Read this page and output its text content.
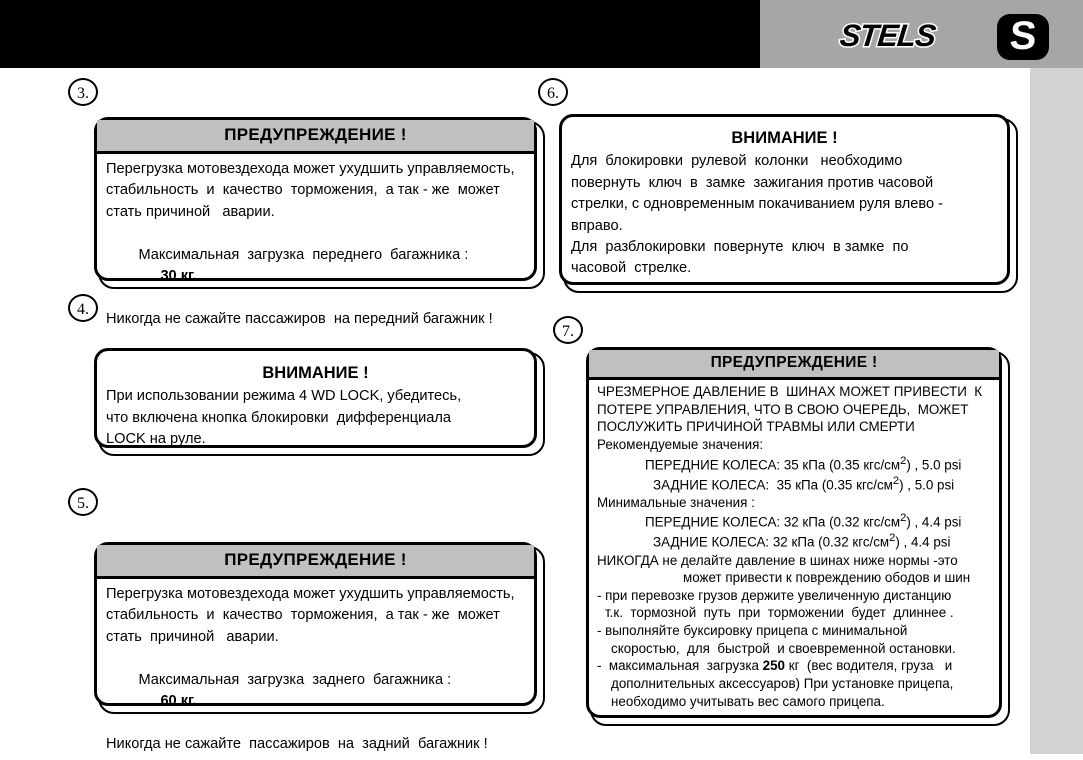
STELS	S
3.
4.
5.
6.
7.
ПРЕДУПРЕЖДЕНИЕ !
Перегрузка мотовездехода может ухудшить управляемость,
стабильность  и  качество  торможения,  а так - же  может
стать причиной   аварии.

Максимальная  загрузка  переднего  багажника :
30 кг.

Никогда не сажайте пассажиров  на передний багажник !
ВНИМАНИЕ !
При использовании режима 4 WD LOCK, убедитесь,
что включена кнопка блокировки  дифференциала
LOCK на руле.
ПРЕДУПРЕЖДЕНИЕ !
Перегрузка мотовездехода может ухудшить управляемость,
стабильность  и  качество  торможения,  а так - же  может
стать  причиной   аварии.

Максимальная  загрузка  заднего  багажника :
60 кг.

Никогда не сажайте  пассажиров  на  задний  багажник !
ВНИМАНИЕ !
Для  блокировки  рулевой  колонки   необходимо
повернуть  ключ  в  замке  зажигания против часовой
стрелки, с одновременным покачиванием руля влево -
вправо.
Для  разблокировки  повернуте  ключ  в замке  по
часовой  стрелке.
ПРЕДУПРЕЖДЕНИЕ !
ЧРЕЗМЕРНОЕ ДАВЛЕНИЕ В  ШИНАХ МОЖЕТ ПРИВЕСТИ  К
ПОТЕРЕ УПРАВЛЕНИЯ, ЧТО В СВОЮ ОЧЕРЕДЬ,  МОЖЕТ
ПОСЛУЖИТЬ ПРИЧИНОЙ ТРАВМЫ ИЛИ СМЕРТИ
Рекомендуемые значения:
ПЕРЕДНИЕ КОЛЕСА: 35 кПа (0.35 кгс/$см^2$) , 5.0 psi
ЗАДНИЕ КОЛЕСА:  35 кПа (0.35 кгс/$см^2$) , 5.0 psi
Минимальные значения :
ПЕРЕДНИЕ КОЛЕСА: 32 кПа (0.32 кгс/$см^2$) , 4.4 psi
ЗАДНИЕ КОЛЕСА: 32 кПа (0.32 кгс/$см^2$) , 4.4 psi
НИКОГДА не делайте давление в шинах ниже нормы -это
может привести к повреждению ободов и шин
- при перевозке грузов держите увеличенную дистанцию
т.к.  тормозной  путь  при  торможении  будет  длиннее .
- выполняйте буксировку прицепа с минимальной
скоростью,  для  быстрой  и своевременной остановки.
-  максимальная  загрузка 250 кг  (вес водителя, груза   и
дополнительных аксессуаров) При установке прицепа,
необходимо учитывать вес самого прицепа.
